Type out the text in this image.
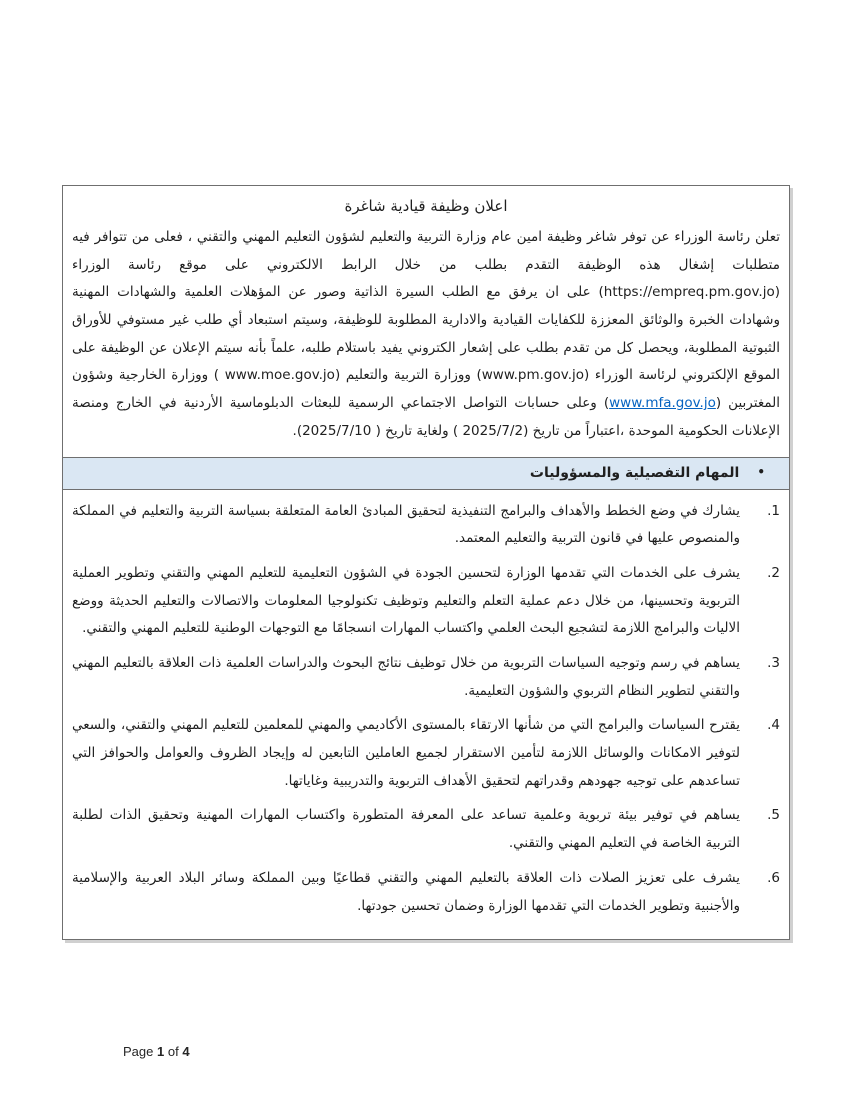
اعلان وظيفة قيادية شاغرة
تعلن رئاسة الوزراء عن توفر شاغر وظيفة امين عام وزارة التربية والتعليم لشؤون التعليم المهني والتقني ، فعلى من تتوافر فيه متطلبات إشغال هذه الوظيفة التقدم بطلب من خلال الرابط الالكتروني على موقع رئاسة الوزراء (https://empreq.pm.gov.jo) على ان يرفق مع الطلب السيرة الذاتية وصور عن المؤهلات العلمية والشهادات المهنية وشهادات الخبرة والوثائق المعززة للكفايات القيادية والادارية المطلوبة للوظيفة، وسيتم استبعاد أي طلب غير مستوفي للأوراق الثبوتية المطلوبة، ويحصل كل من تقدم بطلب على إشعار الكتروني يفيد باستلام طلبه، علماً بأنه سيتم الإعلان عن الوظيفة على الموقع الإلكتروني لرئاسة الوزراء (www.pm.gov.jo) ووزارة التربية والتعليم (www.moe.gov.jo ) ووزارة الخارجية وشؤون المغتربين (www.mfa.gov.jo) وعلى حسابات التواصل الاجتماعي الرسمية للبعثات الدبلوماسية الأردنية في الخارج ومنصة الإعلانات الحكومية الموحدة ،اعتباراً من تاريخ (2025/7/2 ) ولغاية تاريخ ( 2025/7/10).
•المهام التفصيلية والمسؤوليات
1.
يشارك في وضع الخطط والأهداف والبرامج التنفيذية لتحقيق المبادئ العامة المتعلقة بسياسة التربية والتعليم في المملكة والمنصوص عليها في قانون التربية والتعليم المعتمد.
2.
يشرف على الخدمات التي تقدمها الوزارة لتحسين الجودة في الشؤون التعليمية للتعليم المهني والتقني وتطوير العملية التربوية وتحسينها، من خلال دعم عملية التعلم والتعليم وتوظيف تكنولوجيا المعلومات والاتصالات والتعليم الحديثة ووضع الاليات والبرامج اللازمة لتشجيع البحث العلمي واكتساب المهارات انسجامًا مع التوجهات الوطنية للتعليم المهني والتقني.
3.
يساهم في رسم وتوجيه السياسات التربوية من خلال توظيف نتائج البحوث والدراسات العلمية ذات العلاقة بالتعليم المهني والتقني لتطوير النظام التربوي والشؤون التعليمية.
4.
يقترح السياسات والبرامج التي من شأنها الارتقاء بالمستوى الأكاديمي والمهني للمعلمين للتعليم المهني والتقني، والسعي لتوفير الامكانات والوسائل اللازمة لتأمين الاستقرار لجميع العاملين التابعين له وإيجاد الظروف والعوامل والحوافز التي تساعدهم على توجيه جهودهم وقدراتهم لتحقيق الأهداف التربوية والتدريبية وغاياتها.
5.
يساهم في توفير بيئة تربوية وعلمية تساعد على المعرفة المتطورة واكتساب المهارات المهنية وتحقيق الذات لطلبة التربية الخاصة في التعليم المهني والتقني.
6.
يشرف على تعزيز الصلات ذات العلاقة بالتعليم المهني والتقني قطاعيًا وبين المملكة وسائر البلاد العربية والإسلامية والأجنبية وتطوير الخدمات التي تقدمها الوزارة وضمان تحسين جودتها.
Page 1 of 4
